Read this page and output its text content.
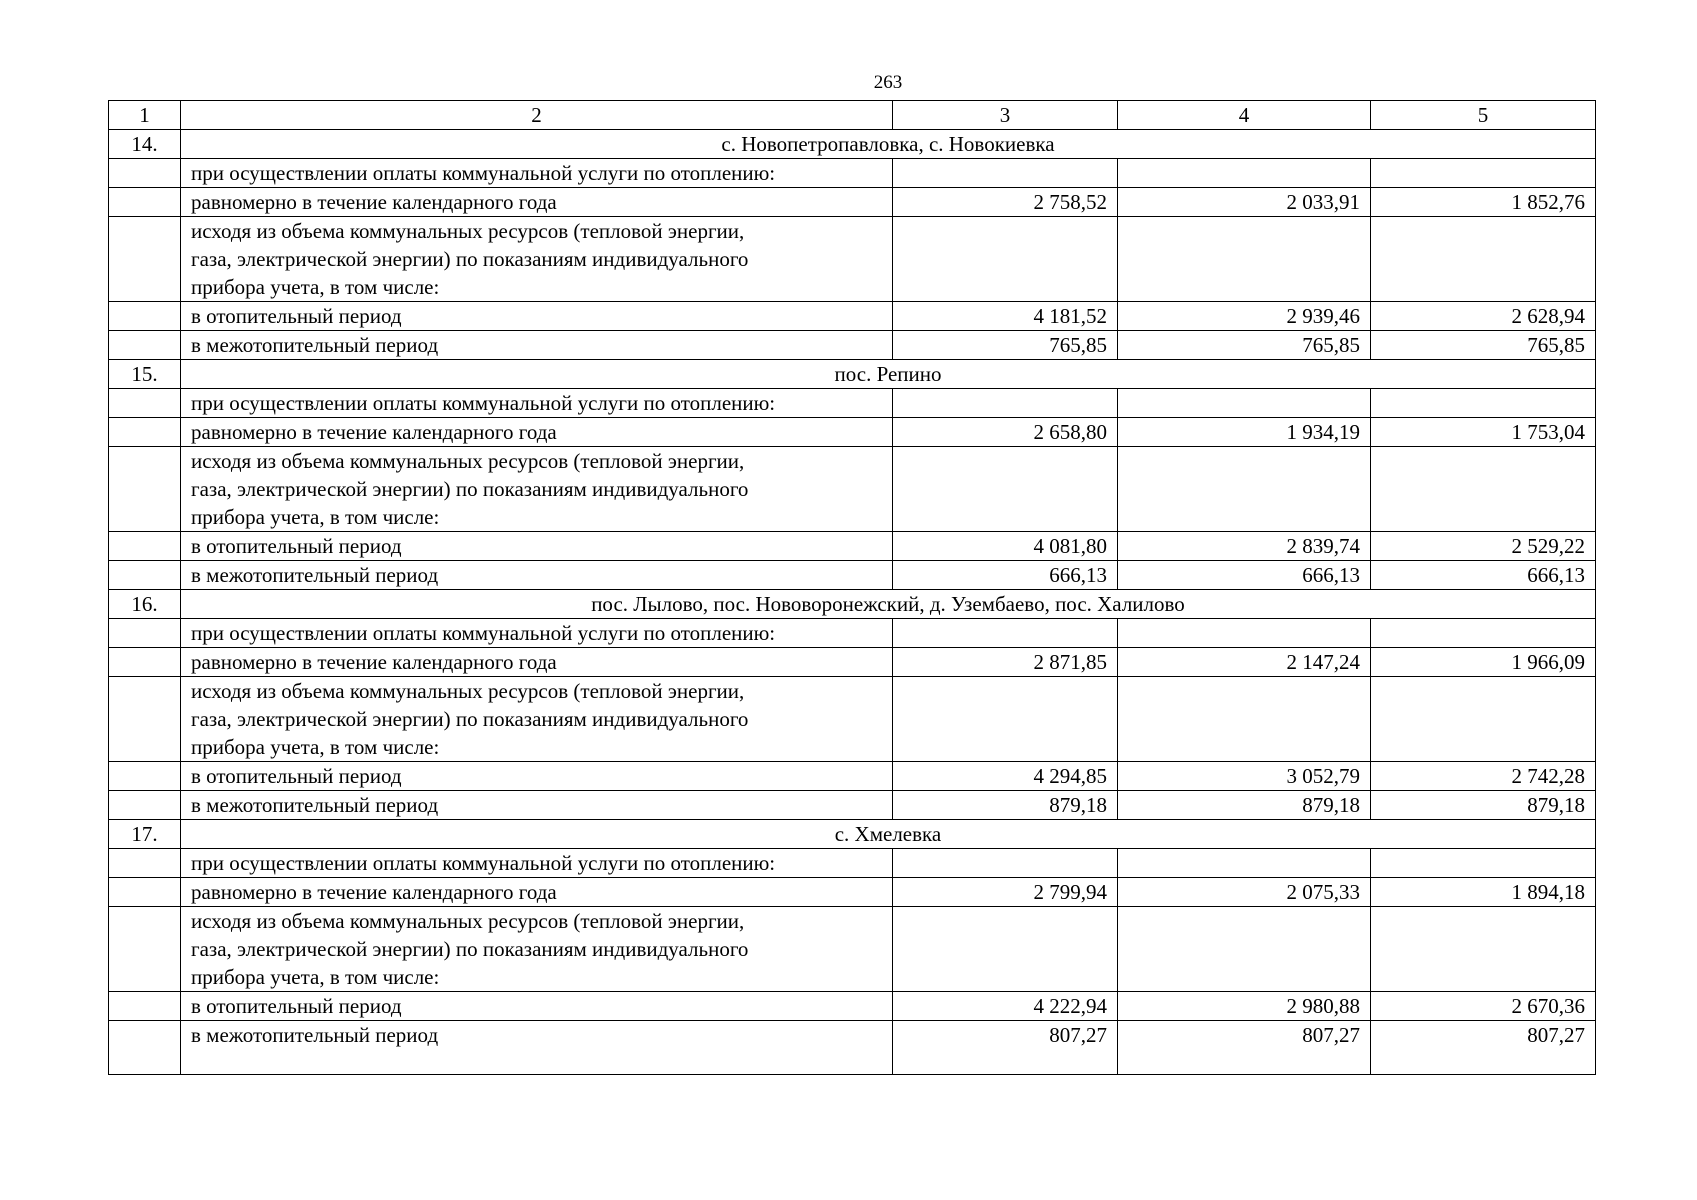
263
1	2	3	4	5
14.	с. Новопетропавловка, с. Новокиевка			
	при осуществлении оплаты коммунальной услуги по отоплению:			
	равномерно в течение календарного года	2 758,52	2 033,91	1 852,76

	исходя из объема коммунальных ресурсов (тепловой энергии,
газа, электрической энергии) по показаниям индивидуального
прибора учета, в том числе:			

	в отопительный период	4 181,52	2 939,46	2 628,94
	в межотопительный период	765,85	765,85	765,85
15.	пос. Репино			
	при осуществлении оплаты коммунальной услуги по отоплению:			
	равномерно в течение календарного года	2 658,80	1 934,19	1 753,04

	исходя из объема коммунальных ресурсов (тепловой энергии,
газа, электрической энергии) по показаниям индивидуального
прибора учета, в том числе:			

	в отопительный период	4 081,80	2 839,74	2 529,22
	в межотопительный период	666,13	666,13	666,13
16.	пос. Лылово, пос. Нововоронежский, д. Узембаево, пос. Халилово			
	при осуществлении оплаты коммунальной услуги по отоплению:			
	равномерно в течение календарного года	2 871,85	2 147,24	1 966,09

	исходя из объема коммунальных ресурсов (тепловой энергии,
газа, электрической энергии) по показаниям индивидуального
прибора учета, в том числе:			

	в отопительный период	4 294,85	3 052,79	2 742,28
	в межотопительный период	879,18	879,18	879,18
17.	с. Хмелевка			
	при осуществлении оплаты коммунальной услуги по отоплению:			
	равномерно в течение календарного года	2 799,94	2 075,33	1 894,18

	исходя из объема коммунальных ресурсов (тепловой энергии,
газа, электрической энергии) по показаниям индивидуального
прибора учета, в том числе:			

	в отопительный период	4 222,94	2 980,88	2 670,36
	в межотопительный период	807,27	807,27	807,27
